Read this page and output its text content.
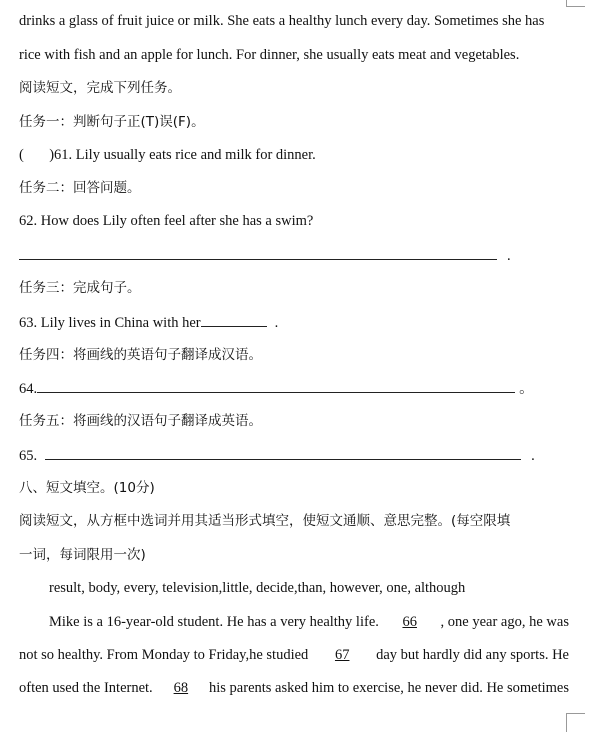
drinks a glass of fruit juice or milk. She eats a healthy lunch every day. Sometimes she has
rice with fish and an apple for lunch. For dinner, she usually eats meat and vegetables.
阅读短文，完成下列任务。
任务一：判断句子正(T)误(F)。
(       )61. Lily usually eats rice and milk for dinner.
任务二：回答问题。
62. How does Lily often feel after she has a swim?
.
任务三：完成句子。
63. Lily lives in China with her	.
任务四：将画线的英语句子翻译成汉语。
64.	。
任务五：将画线的汉语句子翻译成英语。
65.	.
八、短文填空。(10分)
阅读短文，从方框中选词并用其适当形式填空，使短文通顺、意思完整。(每空限填
一词，每词限用一次)
result, body, every, television,little, decide,than, however, one, although
Mike is a 16-year-old student. He has a very healthy life. 66 , one year ago, he was
not so healthy. From Monday to Friday,he studied 67 day but hardly did any sports. He
often used the Internet. 68 his parents asked him to exercise, he never did. He sometimes
